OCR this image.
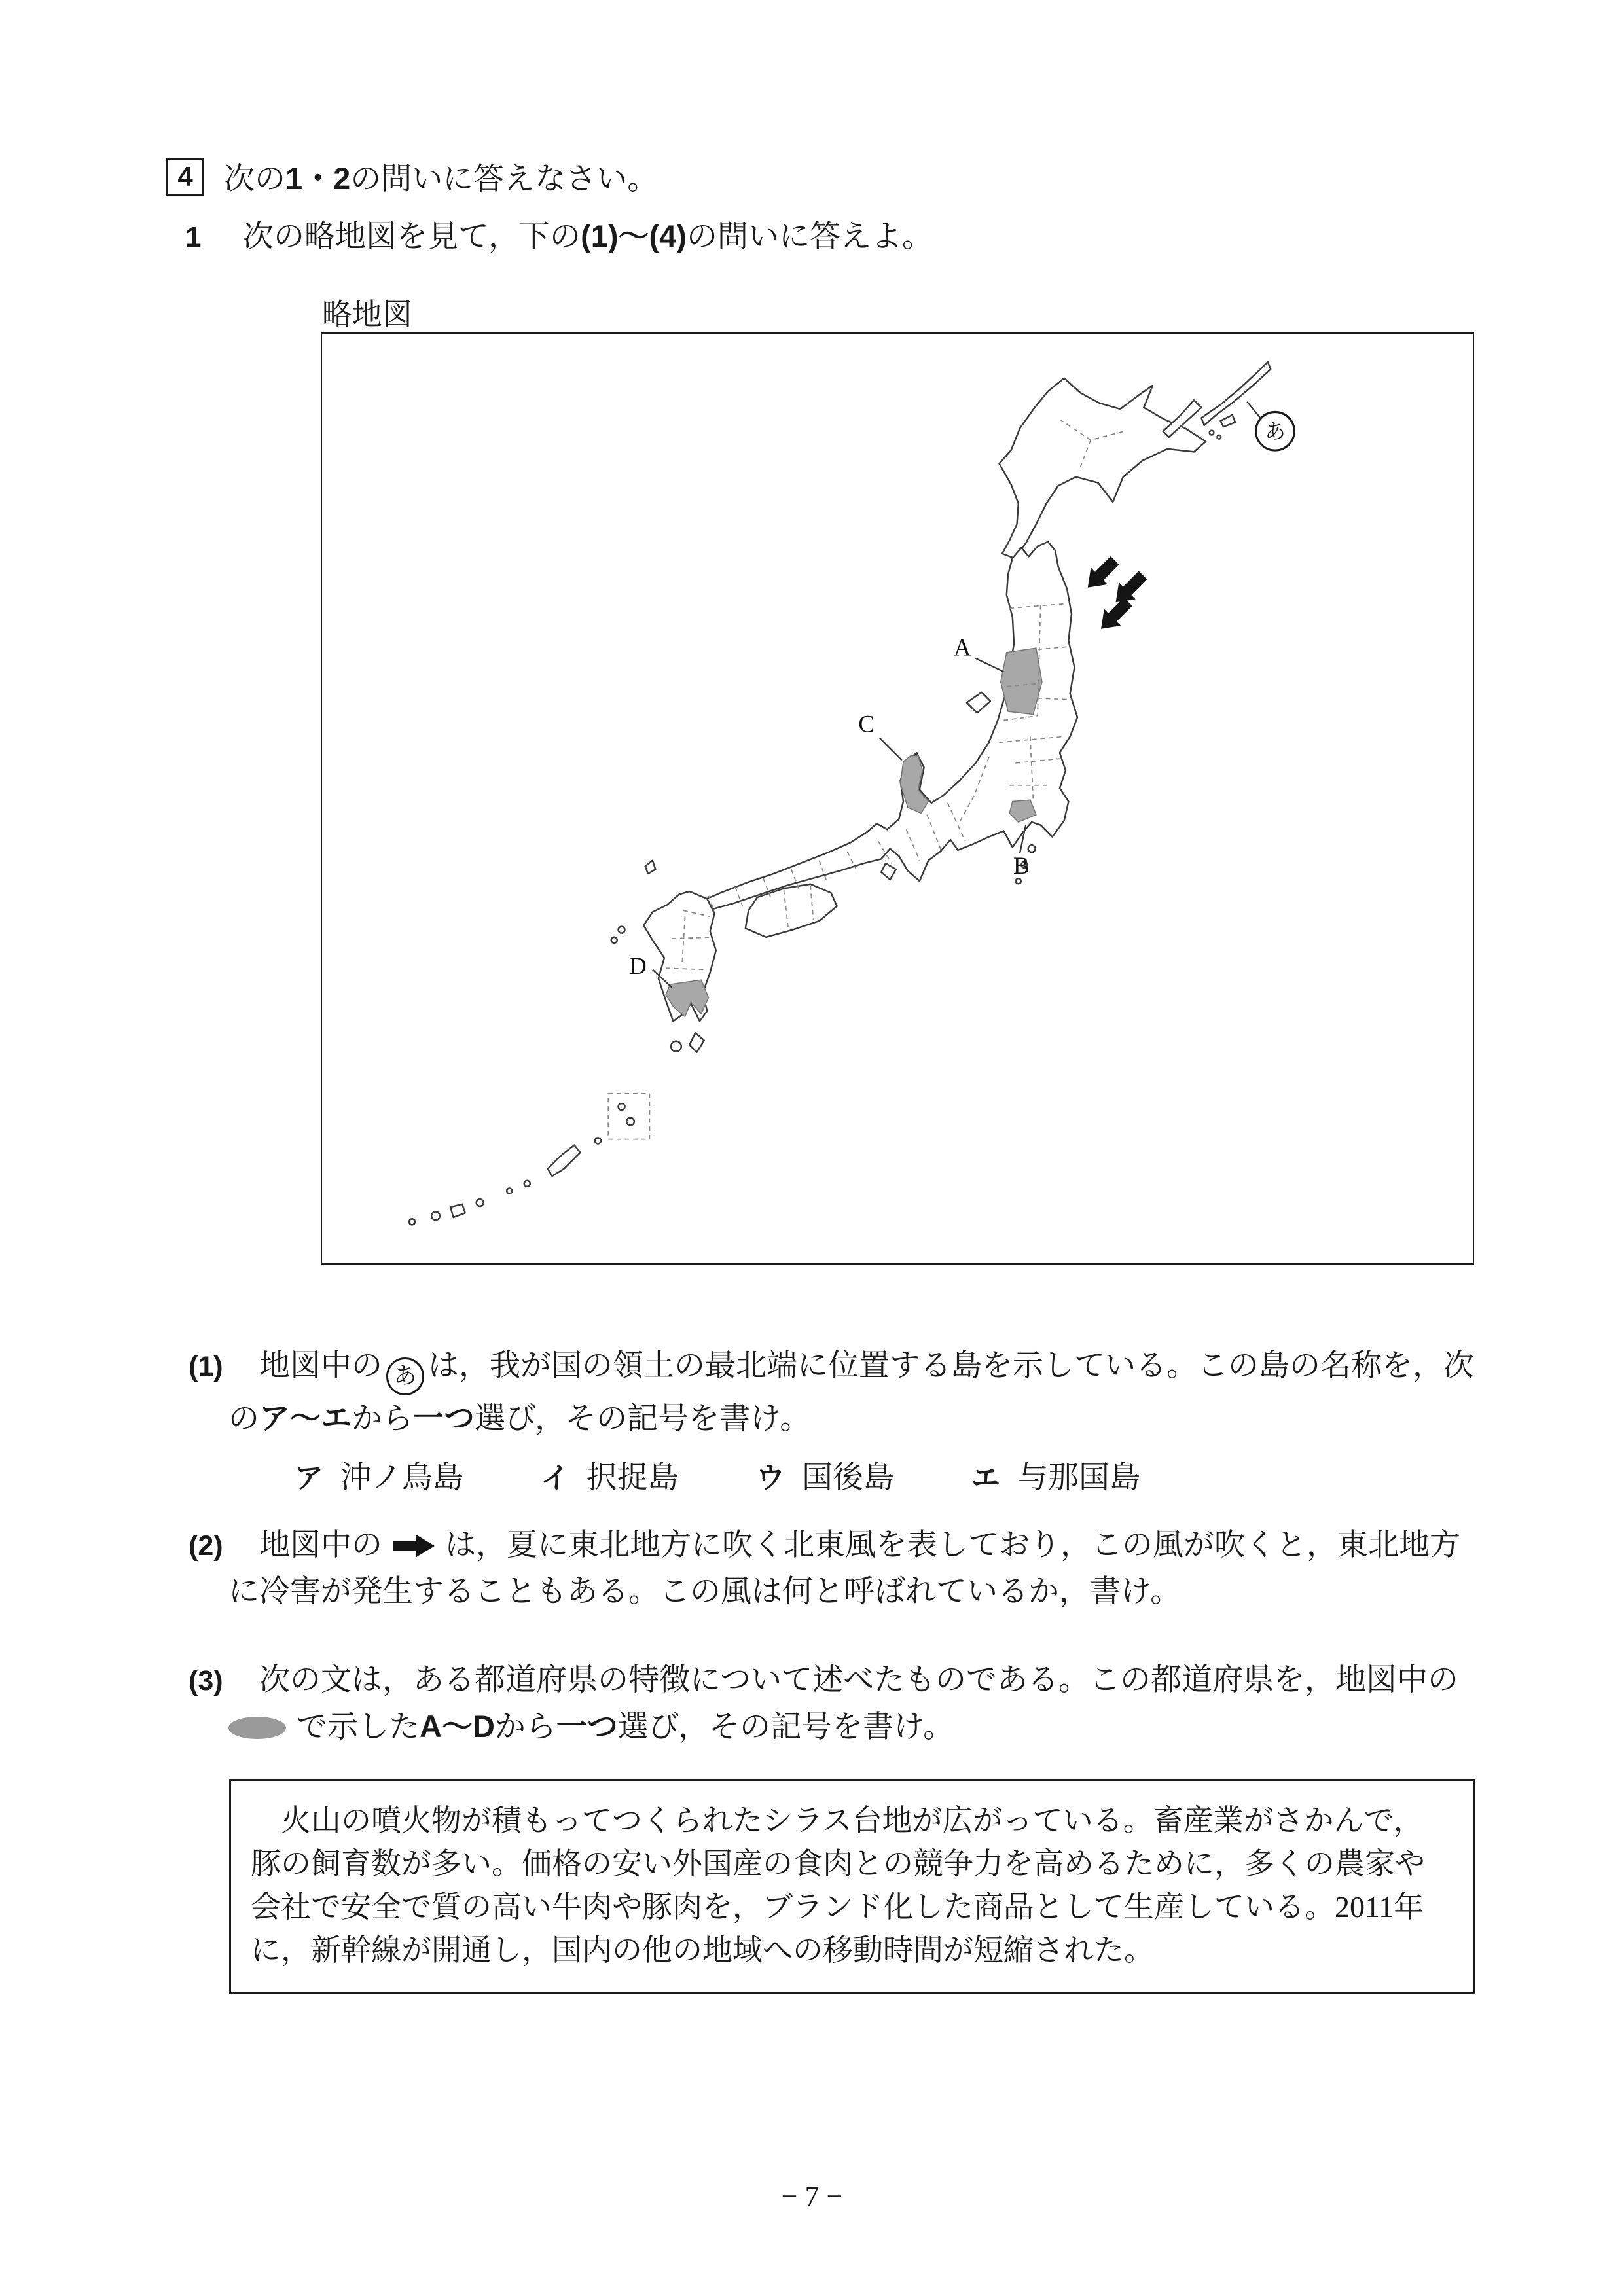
4	次の1・2の問いに答えなさい。
1 次の略地図を見て，下の(1)〜(4)の問いに答えよ。
略地図
あ
A
C
B
D
(1) 地図中の あ は，我が国の領土の最北端に位置する島を示している。この島の名称を，次
のア〜エから一つ選び，その記号を書け。
ア 沖ノ鳥島	イ 択捉島	ウ 国後島	エ 与那国島
(2) 地図中の は，夏に東北地方に吹く北東風を表しており，この風が吹くと，東北地方
に冷害が発生することもある。この風は何と呼ばれているか，書け。
(3) 次の文は，ある都道府県の特徴について述べたものである。この都道府県を，地図中の
で示したA〜Dから一つ選び，その記号を書け。
　火山の噴火物が積もってつくられたシラス台地が広がっている。畜産業がさかんで，
豚の飼育数が多い。価格の安い外国産の食肉との競争力を高めるために，多くの農家や
会社で安全で質の高い牛肉や豚肉を，ブランド化した商品として生産している。2011年
に，新幹線が開通し，国内の他の地域への移動時間が短縮された。
− 7 −
